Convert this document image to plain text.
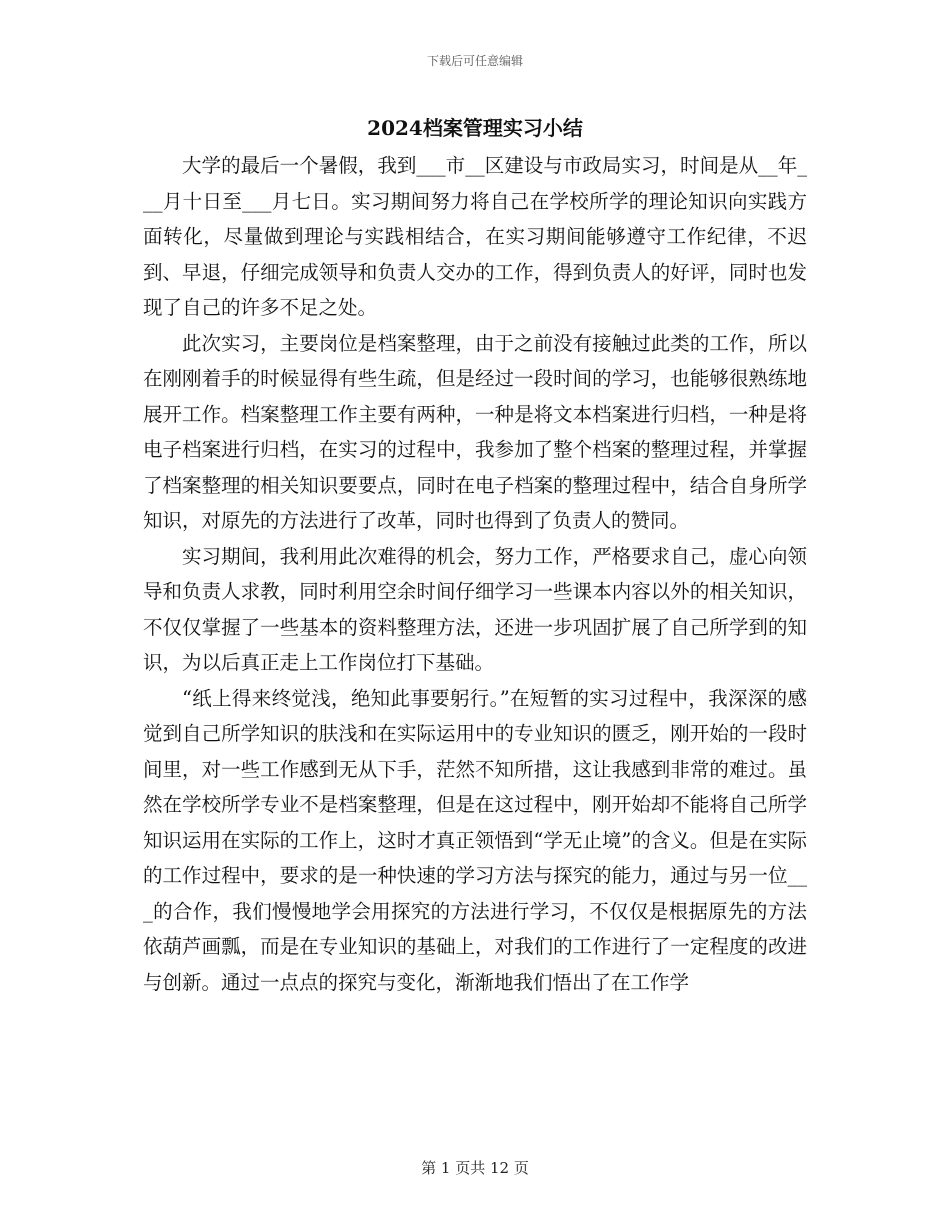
下载后可任意编辑
2024档案管理实习小结

大学的最后一个暑假，我到___市__区建设与市政局实习，时间是从__年___月十日至___月七日。实习期间努力将自己在学校所学的理论知识向实践方面转化，尽量做到理论与实践相结合，在实习期间能够遵守工作纪律，不迟到、早退，仔细完成领导和负责人交办的工作，得到负责人的好评，同时也发现了自己的许多不足之处。

此次实习，主要岗位是档案整理，由于之前没有接触过此类的工作，所以在刚刚着手的时候显得有些生疏，但是经过一段时间的学习，也能够很熟练地展开工作。档案整理工作主要有两种，一种是将文本档案进行归档，一种是将电子档案进行归档，在实习的过程中，我参加了整个档案的整理过程，并掌握了档案整理的相关知识要要点，同时在电子档案的整理过程中，结合自身所学知识，对原先的方法进行了改革，同时也得到了负责人的赞同。

实习期间，我利用此次难得的机会，努力工作，严格要求自己，虚心向领导和负责人求教，同时利用空余时间仔细学习一些课本内容以外的相关知识，不仅仅掌握了一些基本的资料整理方法，还进一步巩固扩展了自己所学到的知识，为以后真正走上工作岗位打下基础。

“纸上得来终觉浅，绝知此事要躬行。”在短暂的实习过程中，我深深的感觉到自己所学知识的肤浅和在实际运用中的专业知识的匮乏，刚开始的一段时间里，对一些工作感到无从下手，茫然不知所措，这让我感到非常的难过。虽然在学校所学专业不是档案整理，但是在这过程中，刚开始却不能将自己所学知识运用在实际的工作上，这时才真正领悟到“学无止境”的含义。但是在实际的工作过程中，要求的是一种快速的学习方法与探究的能力，通过与另一位___的合作，我们慢慢地学会用探究的方法进行学习，不仅仅是根据原先的方法依葫芦画瓢，而是在专业知识的基础上，对我们的工作进行了一定程度的改进与创新。通过一点点的探究与变化，渐渐地我们悟出了在工作学

第 1 页共 12 页
